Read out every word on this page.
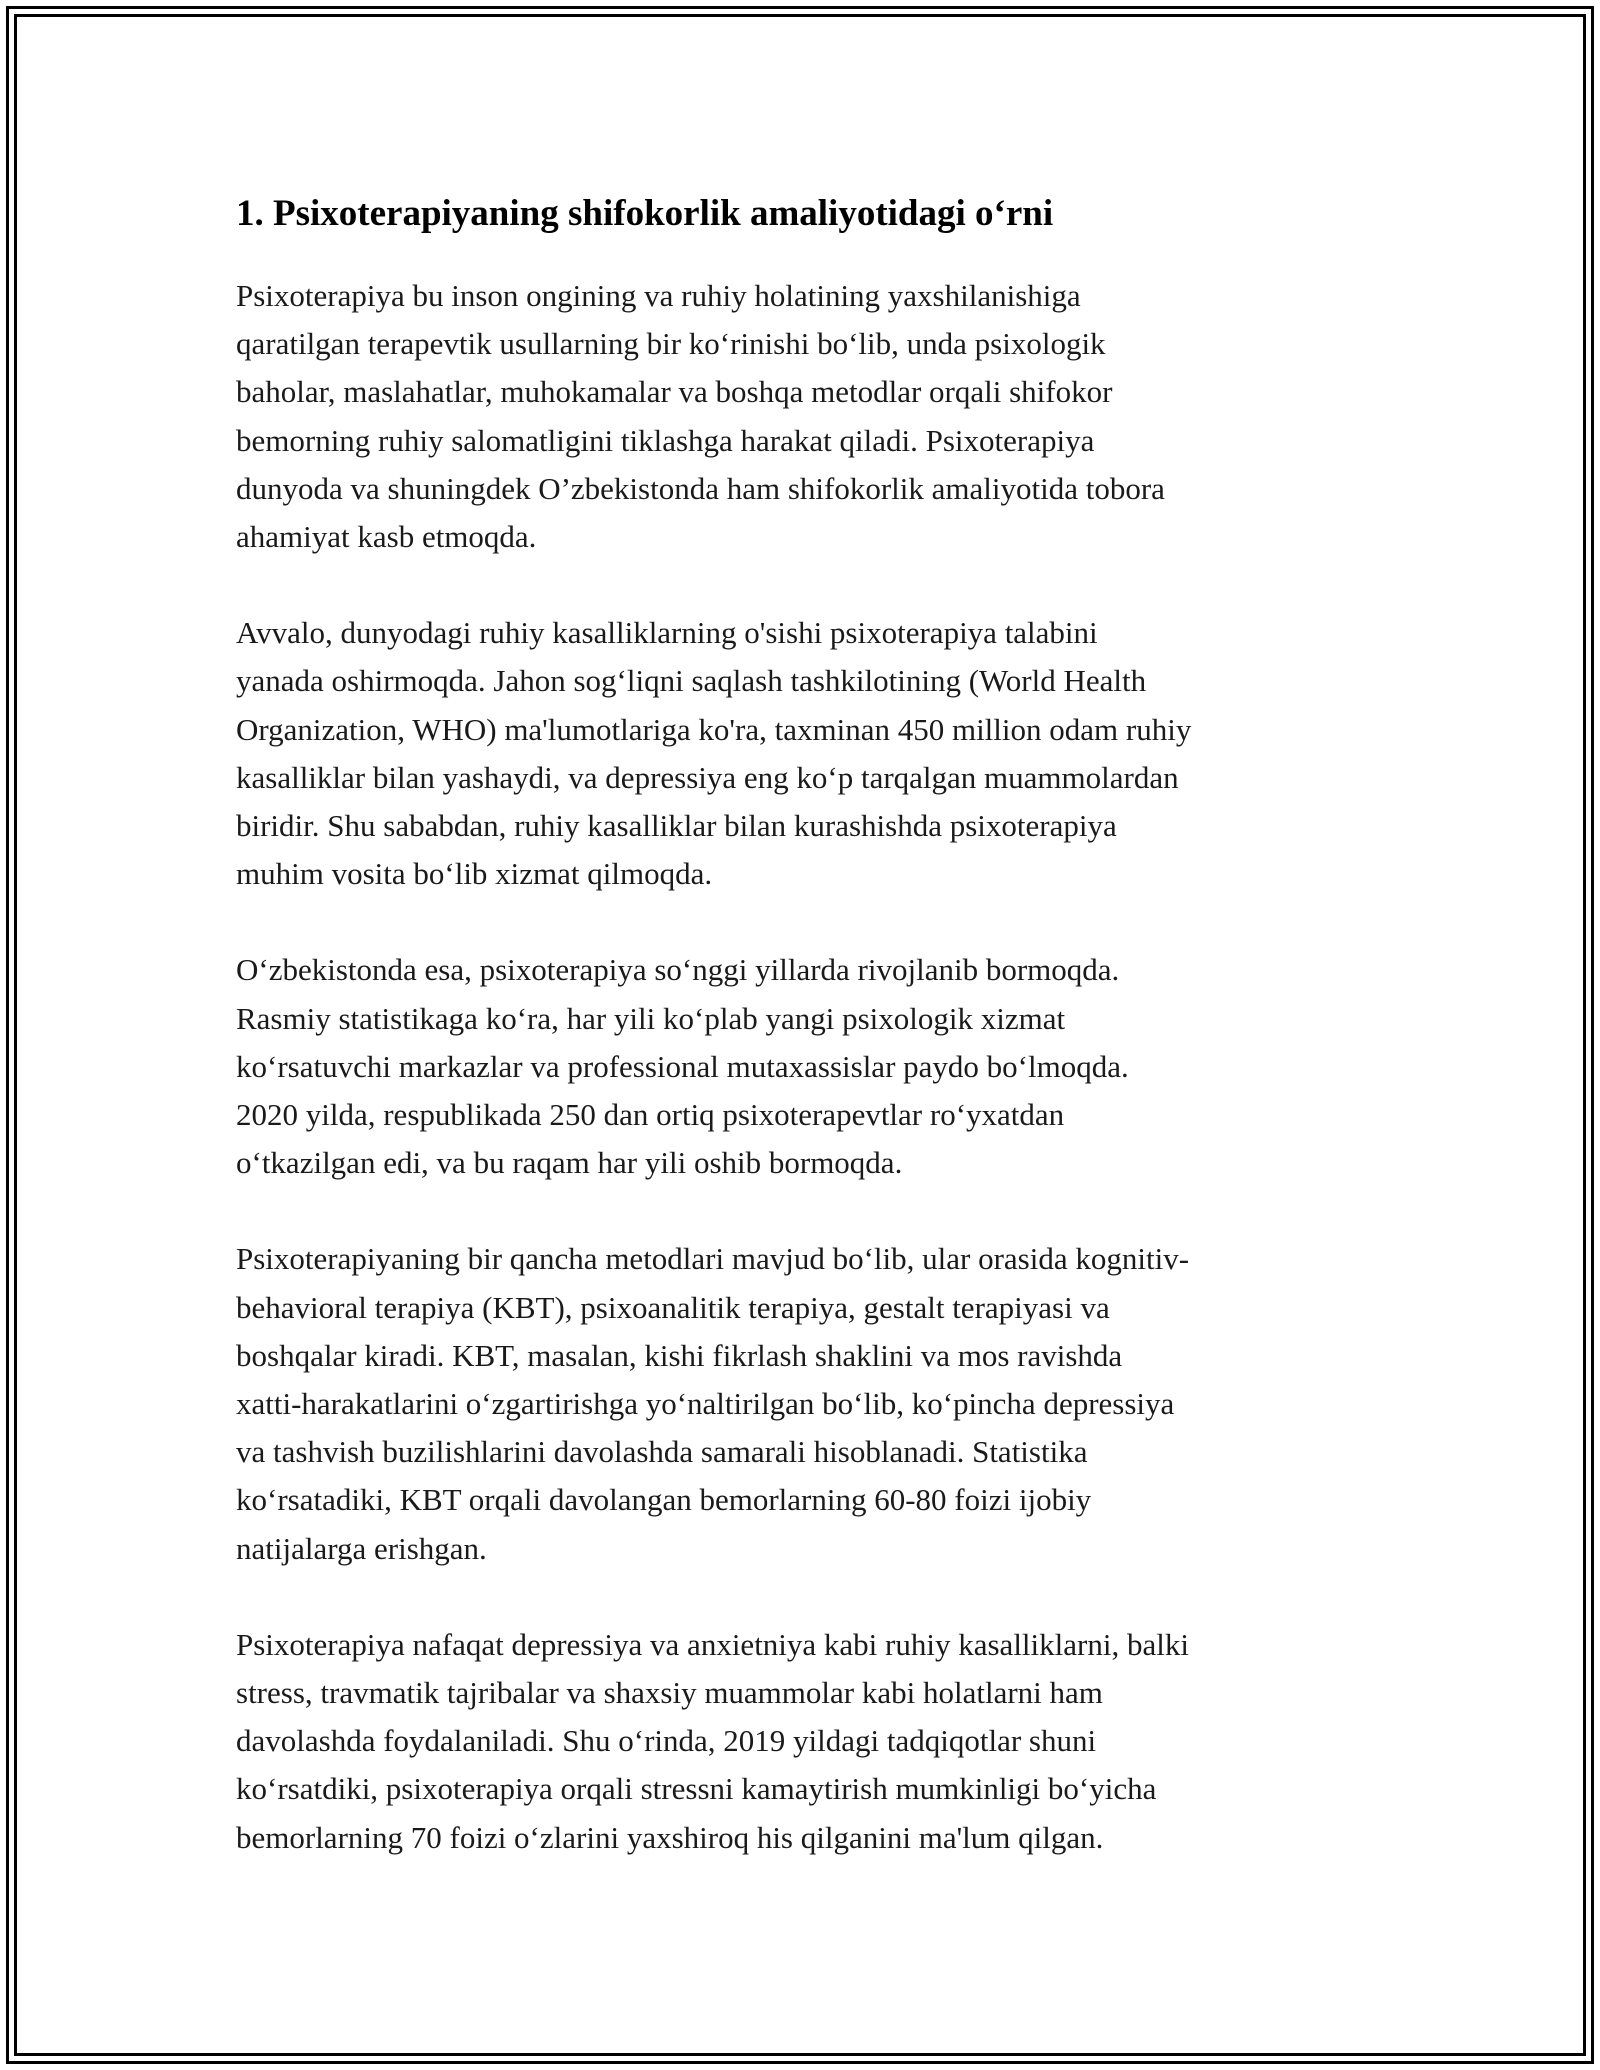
1. Psixoterapiyaning shifokorlik amaliyotidagi o‘rni

Psixoterapiya bu inson ongining va ruhiy holatining yaxshilanishiga
qaratilgan terapevtik usullarning bir ko‘rinishi bo‘lib, unda psixologik
baholar, maslahatlar, muhokamalar va boshqa metodlar orqali shifokor
bemorning ruhiy salomatligini tiklashga harakat qiladi. Psixoterapiya
dunyoda va shuningdek O’zbekistonda ham shifokorlik amaliyotida tobora
ahamiyat kasb etmoqda.

Avvalo, dunyodagi ruhiy kasalliklarning o'sishi psixoterapiya talabini
yanada oshirmoqda. Jahon sog‘liqni saqlash tashkilotining (World Health
Organization, WHO) ma'lumotlariga ko'ra, taxminan 450 million odam ruhiy
kasalliklar bilan yashaydi, va depressiya eng ko‘p tarqalgan muammolardan
biridir. Shu sababdan, ruhiy kasalliklar bilan kurashishda psixoterapiya
muhim vosita bo‘lib xizmat qilmoqda.

O‘zbekistonda esa, psixoterapiya so‘nggi yillarda rivojlanib bormoqda.
Rasmiy statistikaga ko‘ra, har yili ko‘plab yangi psixologik xizmat
ko‘rsatuvchi markazlar va professional mutaxassislar paydo bo‘lmoqda.
2020 yilda, respublikada 250 dan ortiq psixoterapevtlar ro‘yxatdan
o‘tkazilgan edi, va bu raqam har yili oshib bormoqda.

Psixoterapiyaning bir qancha metodlari mavjud bo‘lib, ular orasida kognitiv-
behavioral terapiya (KBT), psixoanalitik terapiya, gestalt terapiyasi va
boshqalar kiradi. KBT, masalan, kishi fikrlash shaklini va mos ravishda
xatti-harakatlarini o‘zgartirishga yo‘naltirilgan bo‘lib, ko‘pincha depressiya
va tashvish buzilishlarini davolashda samarali hisoblanadi. Statistika
ko‘rsatadiki, KBT orqali davolangan bemorlarning 60-80 foizi ijobiy
natijalarga erishgan.

Psixoterapiya nafaqat depressiya va anxietniya kabi ruhiy kasalliklarni, balki
stress, travmatik tajribalar va shaxsiy muammolar kabi holatlarni ham
davolashda foydalaniladi. Shu o‘rinda, 2019 yildagi tadqiqotlar shuni
ko‘rsatdiki, psixoterapiya orqali stressni kamaytirish mumkinligi bo‘yicha
bemorlarning 70 foizi o‘zlarini yaxshiroq his qilganini ma'lum qilgan.
